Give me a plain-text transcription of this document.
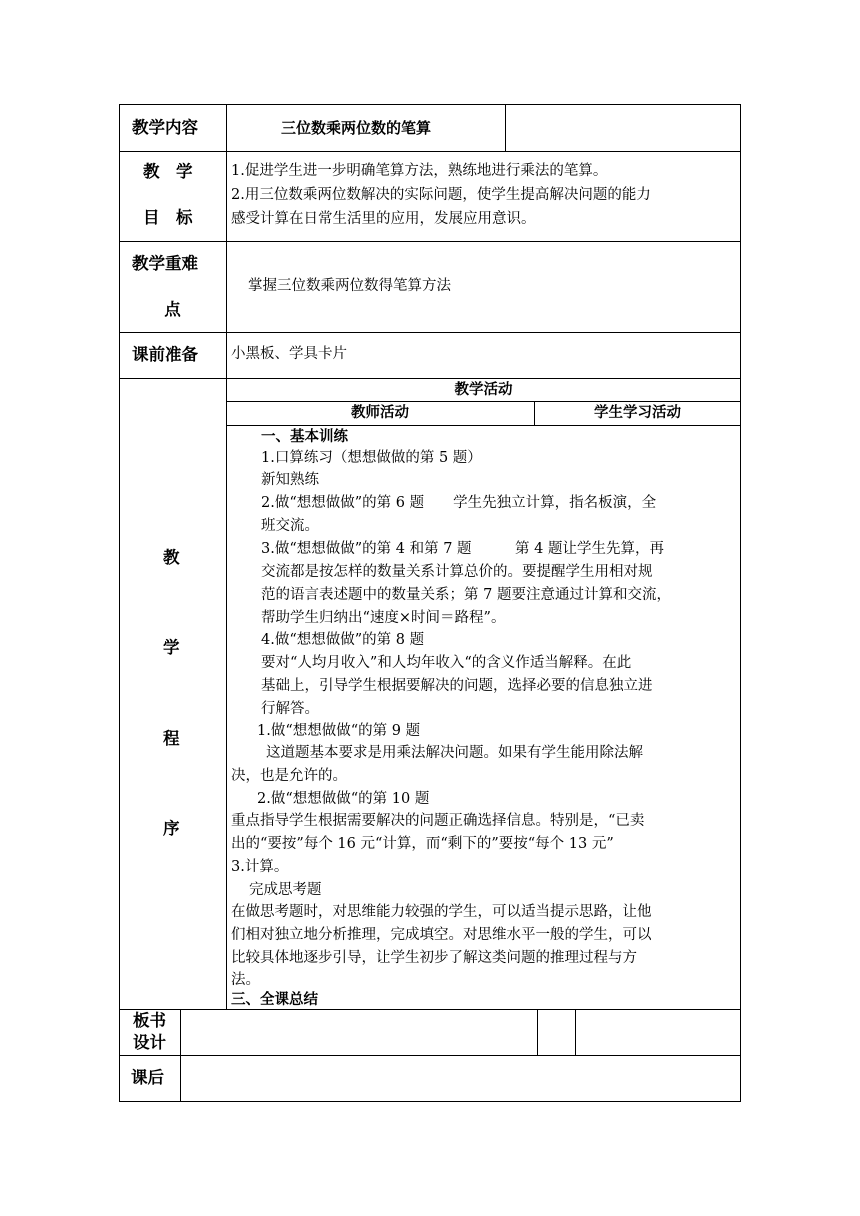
教学内容	三位数乘两位数的笔算
教　学
目　标
1.促进学生进一步明确笔算方法，熟练地进行乘法的笔算。
2.用三位数乘两位数解决的实际问题，使学生提高解决问题的能力
感受计算在日常生活里的应用，发展应用意识。
教学重难
点
掌握三位数乘两位数得笔算方法
课前准备 小黑板、学具卡片
教
学
程
序
教学活动
教师活动	学生学习活动
一、基本训练
1.口算练习（想想做做的第 5 题）
新知熟练
2.做“想想做做”的第 6 题　　学生先独立计算，指名板演，全
班交流。
3.做“想想做做”的第 4 和第 7 题　　　第 4 题让学生先算，再
交流都是按怎样的数量关系计算总价的。要提醒学生用相对规
范的语言表述题中的数量关系；第 7 题要注意通过计算和交流，
帮助学生归纳出“速度×时间＝路程”。
4.做“想想做做”的第 8 题
要对“人均月收入”和人均年收入“的含义作适当解释。在此
基础上，引导学生根据要解决的问题，选择必要的信息独立进
行解答。
1.做“想想做做“的第 9 题
这道题基本要求是用乘法解决问题。如果有学生能用除法解
决，也是允许的。
2.做“想想做做“的第 10 题
重点指导学生根据需要解决的问题正确选择信息。特别是，“已卖
出的“要按”每个 16 元“计算，而“剩下的”要按“每个 13 元”
3.计算。
完成思考题
在做思考题时，对思维能力较强的学生，可以适当提示思路，让他
们相对独立地分析推理，完成填空。对思维水平一般的学生，可以
比较具体地逐步引导，让学生初步了解这类问题的推理过程与方
法。
三、全课总结
板书
设计
课后
